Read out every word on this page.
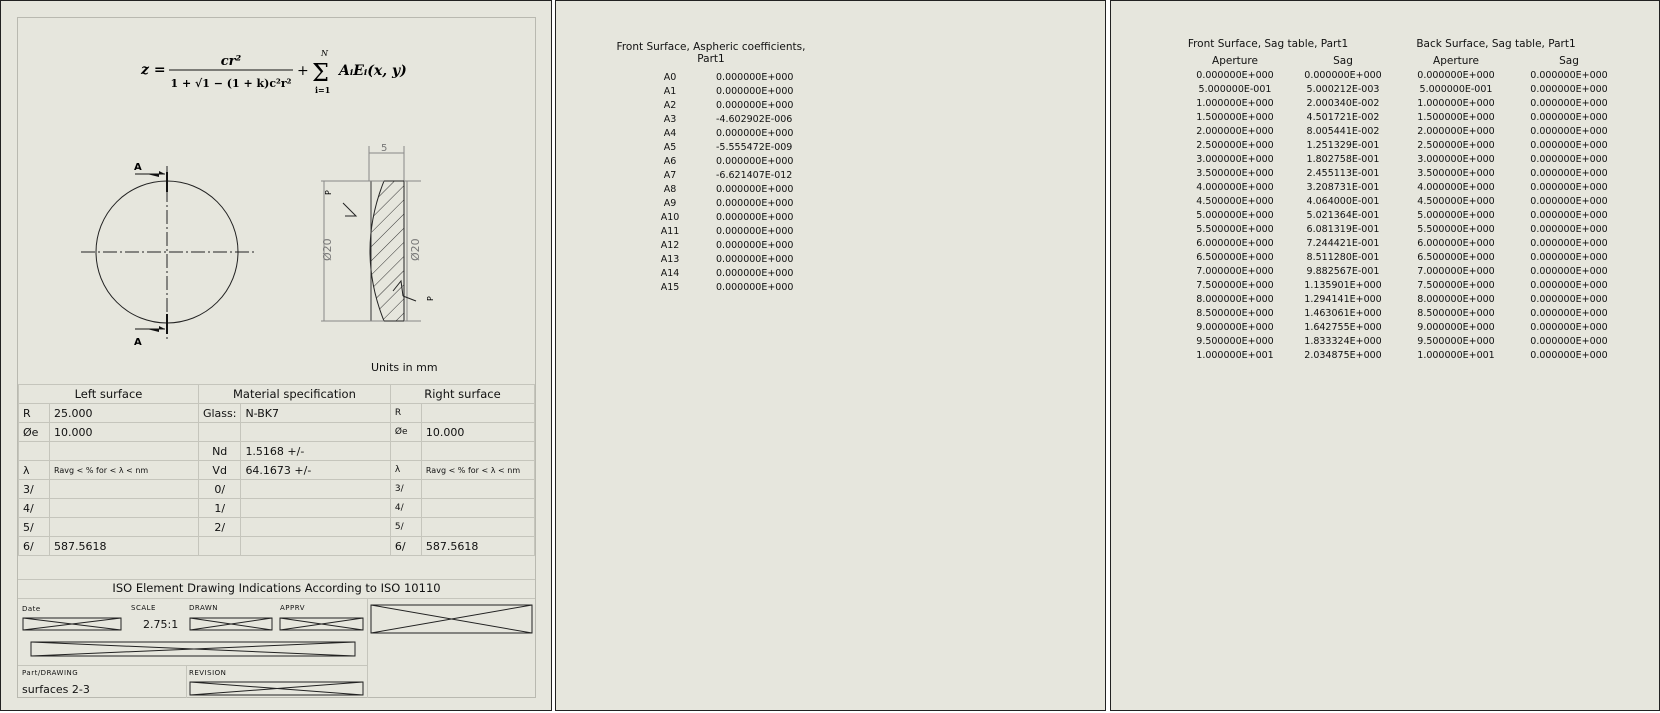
z =
cr²
1 + √1 − (1 + k)c²r²
+
N
Σ
i=1
AᵢEᵢ(x, y)
A
A
5
Ø20	Ø20
P
P
Units in mm
Left surface		Material specification		Right surface	
R	25.000	Glass:	N-BK7	R	
Øe	10.000			Øe	10.000
		Nd	1.5168 +/-		
λ	Ravg < % for < λ < nm	Vd	64.1673 +/-	λ	Ravg < % for < λ < nm
3/		0/		3/	
4/		1/		4/	
5/		2/		5/	
6/	587.5618			6/	587.5618
ISO Element Drawing Indications According to ISO 10110
Date	SCALE
2.75:1
DRAWN	APPRV
Part/DRAWING
surfaces 2-3
REVISION
Front Surface, Aspheric coefficients,
Part1
A0	0.000000E+000
A1	0.000000E+000
A2	0.000000E+000
A3	-4.602902E-006
A4	0.000000E+000
A5	-5.555472E-009
A6	0.000000E+000
A7	-6.621407E-012
A8	0.000000E+000
A9	0.000000E+000
A10	0.000000E+000
A11	0.000000E+000
A12	0.000000E+000
A13	0.000000E+000
A14	0.000000E+000
A15	0.000000E+000
Front Surface, Sag table, Part1	Back Surface, Sag table, Part1
Aperture	Sag	Aperture	Sag
0.000000E+000	0.000000E+000	0.000000E+000	0.000000E+000
5.000000E-001	5.000212E-003	5.000000E-001	0.000000E+000
1.000000E+000	2.000340E-002	1.000000E+000	0.000000E+000
1.500000E+000	4.501721E-002	1.500000E+000	0.000000E+000
2.000000E+000	8.005441E-002	2.000000E+000	0.000000E+000
2.500000E+000	1.251329E-001	2.500000E+000	0.000000E+000
3.000000E+000	1.802758E-001	3.000000E+000	0.000000E+000
3.500000E+000	2.455113E-001	3.500000E+000	0.000000E+000
4.000000E+000	3.208731E-001	4.000000E+000	0.000000E+000
4.500000E+000	4.064000E-001	4.500000E+000	0.000000E+000
5.000000E+000	5.021364E-001	5.000000E+000	0.000000E+000
5.500000E+000	6.081319E-001	5.500000E+000	0.000000E+000
6.000000E+000	7.244421E-001	6.000000E+000	0.000000E+000
6.500000E+000	8.511280E-001	6.500000E+000	0.000000E+000
7.000000E+000	9.882567E-001	7.000000E+000	0.000000E+000
7.500000E+000	1.135901E+000	7.500000E+000	0.000000E+000
8.000000E+000	1.294141E+000	8.000000E+000	0.000000E+000
8.500000E+000	1.463061E+000	8.500000E+000	0.000000E+000
9.000000E+000	1.642755E+000	9.000000E+000	0.000000E+000
9.500000E+000	1.833324E+000	9.500000E+000	0.000000E+000
1.000000E+001	2.034875E+000	1.000000E+001	0.000000E+000
